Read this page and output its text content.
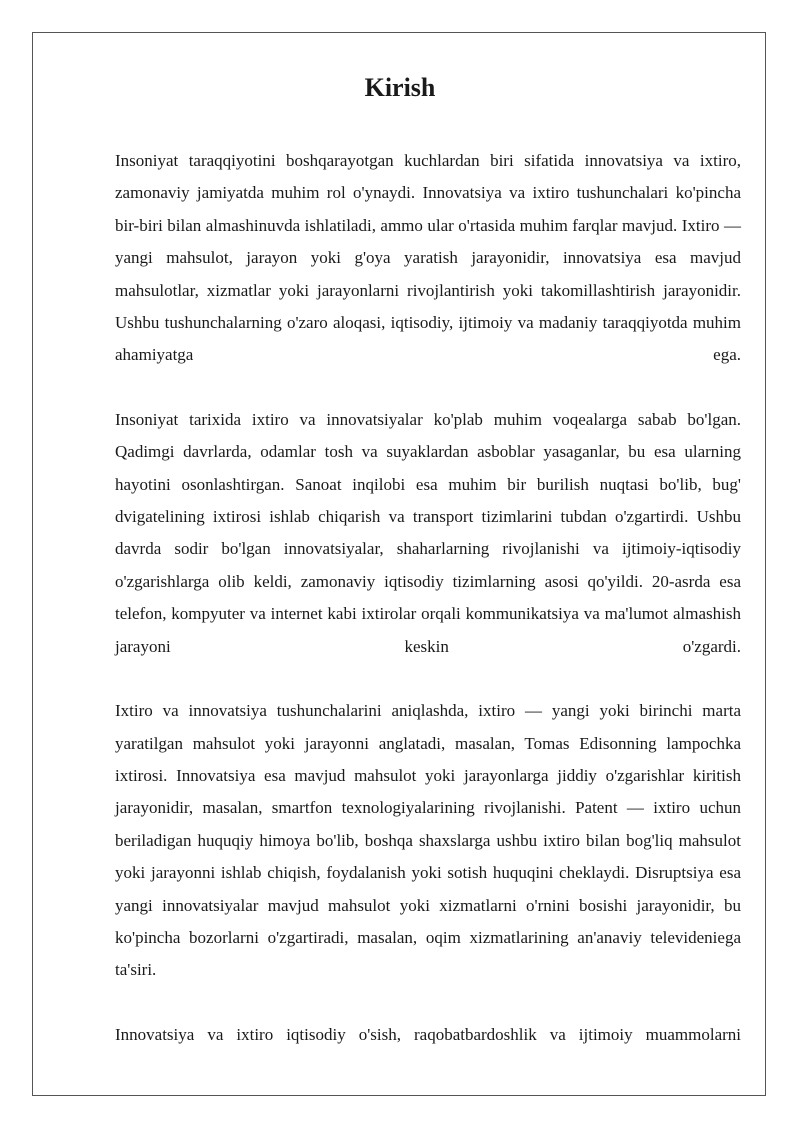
Kirish

Insoniyat taraqqiyotini boshqarayotgan kuchlardan biri sifatida innovatsiya va ixtiro, zamonaviy jamiyatda muhim rol o'ynaydi. Innovatsiya va ixtiro tushunchalari ko'pincha bir-biri bilan almashinuvda ishlatiladi, ammo ular o'rtasida muhim farqlar mavjud. Ixtiro — yangi mahsulot, jarayon yoki g'oya yaratish jarayonidir, innovatsiya esa mavjud mahsulotlar, xizmatlar yoki jarayonlarni rivojlantirish yoki takomillashtirish jarayonidir. Ushbu tushunchalarning o'zaro aloqasi, iqtisodiy, ijtimoiy va madaniy taraqqiyotda muhim ahamiyatga ega.

Insoniyat tarixida ixtiro va innovatsiyalar ko'plab muhim voqealarga sabab bo'lgan. Qadimgi davrlarda, odamlar tosh va suyaklardan asboblar yasaganlar, bu esa ularning hayotini osonlashtirgan. Sanoat inqilobi esa muhim bir burilish nuqtasi bo'lib, bug' dvigatelining ixtirosi ishlab chiqarish va transport tizimlarini tubdan o'zgartirdi. Ushbu davrda sodir bo'lgan innovatsiyalar, shaharlarning rivojlanishi va ijtimoiy-iqtisodiy o'zgarishlarga olib keldi, zamonaviy iqtisodiy tizimlarning asosi qo'yildi. 20-asrda esa telefon, kompyuter va internet kabi ixtirolar orqali kommunikatsiya va ma'lumot almashish jarayoni keskin o'zgardi.

Ixtiro va innovatsiya tushunchalarini aniqlashda, ixtiro — yangi yoki birinchi marta yaratilgan mahsulot yoki jarayonni anglatadi, masalan, Tomas Edisonning lampochka ixtirosi. Innovatsiya esa mavjud mahsulot yoki jarayonlarga jiddiy o'zgarishlar kiritish jarayonidir, masalan, smartfon texnologiyalarining rivojlanishi. Patent — ixtiro uchun beriladigan huquqiy himoya bo'lib, boshqa shaxslarga ushbu ixtiro bilan bog'liq mahsulot yoki jarayonni ishlab chiqish, foydalanish yoki sotish huquqini cheklaydi. Disruptsiya esa yangi innovatsiyalar mavjud mahsulot yoki xizmatlarni o'rnini bosishi jarayonidir, bu ko'pincha bozorlarni o'zgartiradi, masalan, oqim xizmatlarining an'anaviy televideniega ta'siri.

Innovatsiya va ixtiro iqtisodiy o'sish, raqobatbardoshlik va ijtimoiy muammolarni
